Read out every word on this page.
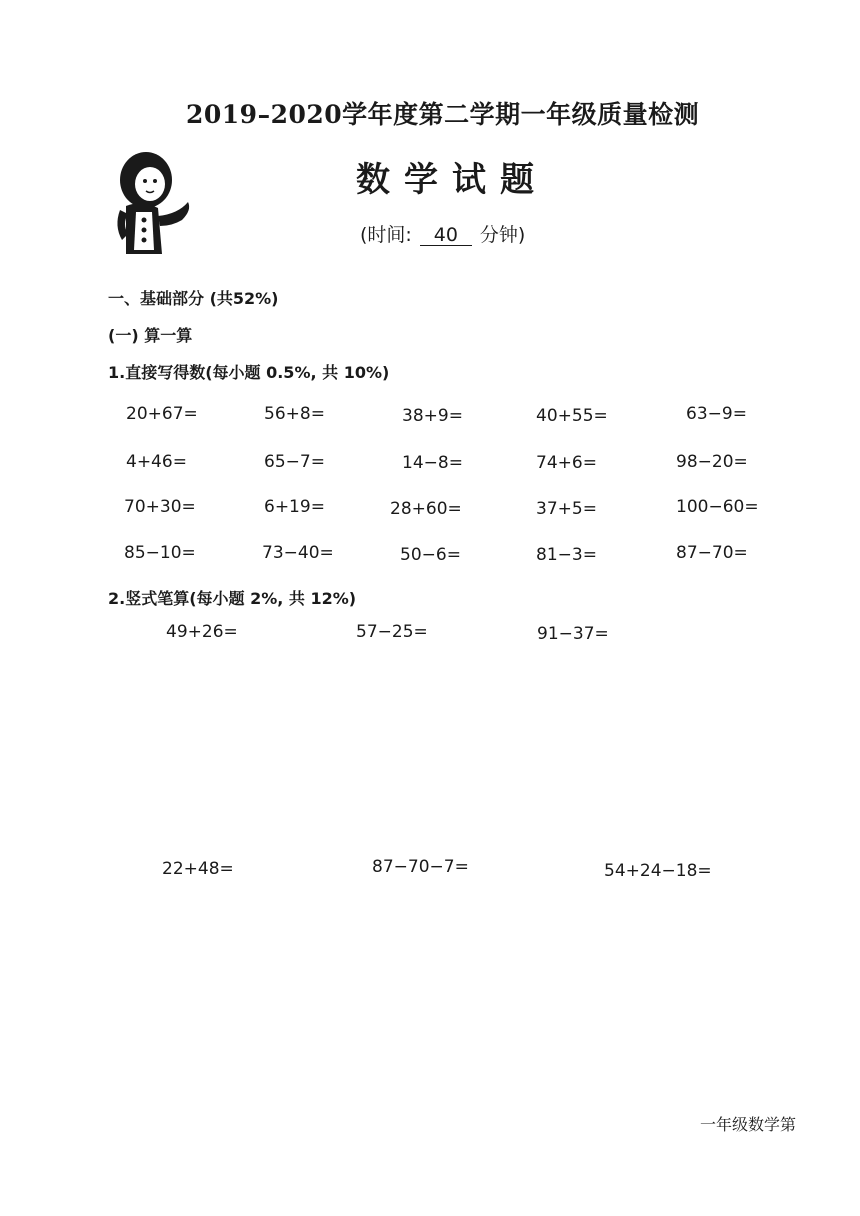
2019–2020学年度第二学期一年级质量检测
数学试题
(时间: 40 分钟)
一、基础部分 (共52%)
(一) 算一算
1.直接写得数(每小题 0.5%, 共 10%)
20+67=	56+8=	38+9=	40+55=	63−9=
4+46=	65−7=	14−8=	74+6=	98−20=
70+30=	6+19=	28+60=	37+5=	100−60=
85−10=	73−40=	50−6=	81−3=	87−70=
2.竖式笔算(每小题 2%, 共 12%)
49+26=	57−25=	91−37=
22+48=	87−70−7=	54+24−18=
一年级数学第
